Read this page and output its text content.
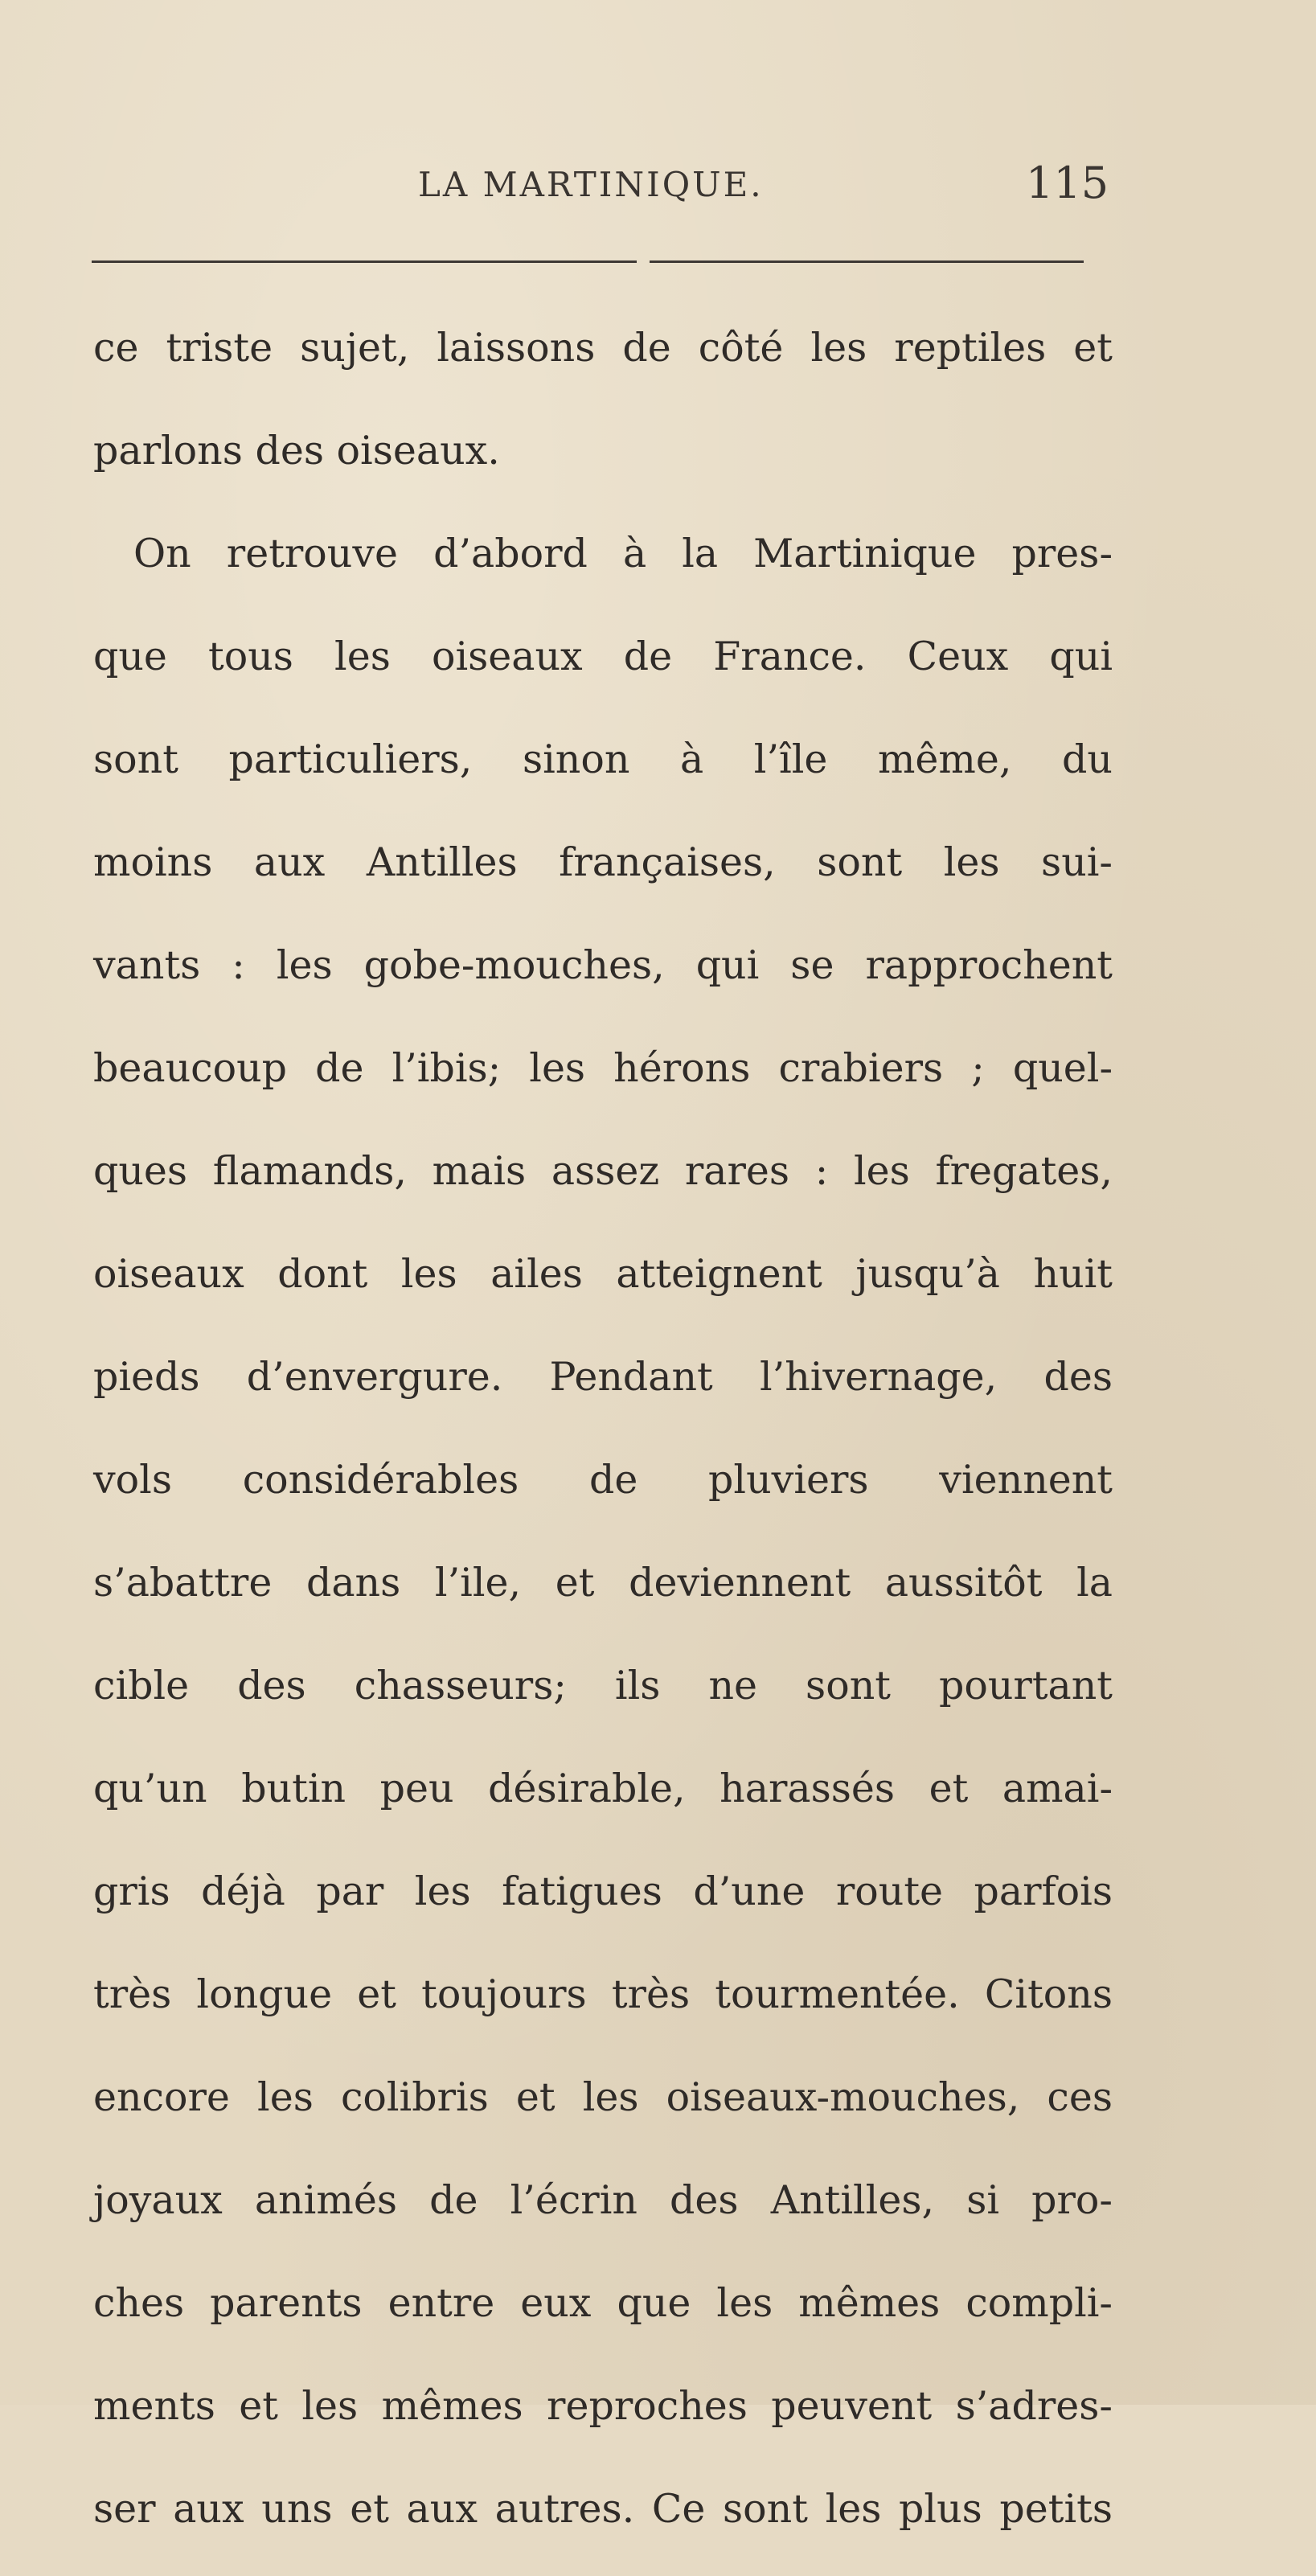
LA MARTINIQUE.	115
ce triste sujet, laissons de côté les reptiles et
parlons des oiseaux.
On retrouve d’abord à la Martinique pres-
que tous les oiseaux de France. Ceux qui
sont particuliers, sinon à l’île même, du
moins aux Antilles françaises, sont les sui-
vants : les gobe-mouches, qui se rapprochent
beaucoup de l’ibis; les hérons crabiers ; quel-
ques flamands, mais assez rares : les fregates,
oiseaux dont les ailes atteignent jusqu’à huit
pieds d’envergure. Pendant l’hivernage, des
vols considérables de pluviers viennent
s’abattre dans l’ile, et deviennent aussitôt la
cible des chasseurs; ils ne sont pourtant
qu’un butin peu désirable, harassés et amai-
gris déjà par les fatigues d’une route parfois
très longue et toujours très tourmentée. Citons
encore les colibris et les oiseaux-mouches, ces
joyaux animés de l’écrin des Antilles, si pro-
ches parents entre eux que les mêmes compli-
ments et les mêmes reproches peuvent s’adres-
ser aux uns et aux autres. Ce sont les plus petits
